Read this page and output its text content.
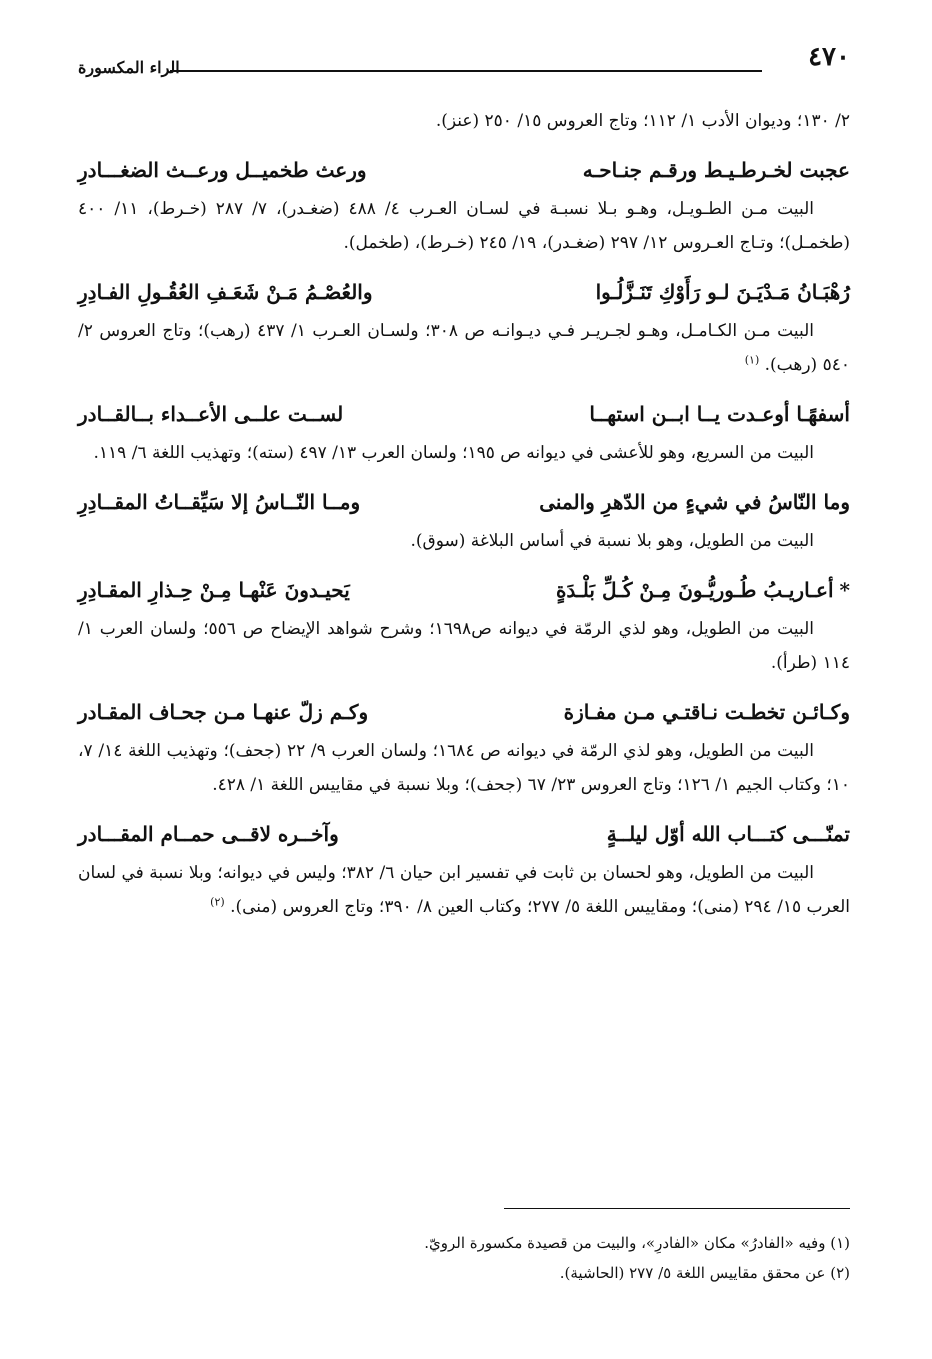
٤٧٠
الراء المكسورة

٢/ ١٣٠؛ وديوان الأدب ١/ ١١٢؛ وتاج العروس ١٥/ ٢٥٠ (عنز).

عجبت لخـرطـيـط ورقـم جنـاحـه
ورعث طخميــل ورعــث الضغـــادرِ

البيت مـن الطـويـل، وهـو بـلا نسبـة في لسـان العـرب ٤/ ٤٨٨ (ضغـدر)، ٧/ ٢٨٧ (خـرط)، ١١/ ٤٠٠ (طخمـل)؛ وتـاج العـروس ١٢/ ٢٩٧ (ضغـدر)، ١٩/ ٢٤٥ (خـرط)، (طخمل).

رُهْبَـانُ مَـدْيَـنَ لـو رَأَوْكِ تَنَـزَّلُـوا
والعُصْـمُ مَـنْ شَعَـفِ العُقُـولِ الفـادِرِ

البيت مـن الكـامـل، وهـو لجـريـر فـي ديـوانـه ص ٣٠٨؛ ولسـان العـرب ١/ ٤٣٧ (رهب)؛ وتاج العروس ٢/ ٥٤٠ (رهب). $^{(١)}$

أسفهًـا أوعـدت يــا ابــن استهــا
لســت علــى الأعــداء بــالقــادر

البيت من السريع، وهو للأعشى في ديوانه ص ١٩٥؛ ولسان العرب ١٣/ ٤٩٧ (سته)؛ وتهذيب اللغة ٦/ ١١٩.

وما النّاسُ في شيءٍ من الدّهرِ والمنى
ومــا النّــاسُ إلا سَيِّقــاتُ المقــادِرِ

البيت من الطويل، وهو بلا نسبة في أساس البلاغة (سوق).

*أعـاريـبُ طُـوريُّـونَ مِـنْ كُـلِّ بَلْـدَةٍ
يَحيـدونَ عَنْهـا مِـنْ حِـذارِ المقـادِرِ

البيت من الطويل، وهو لذي الرمّة في ديوانه ص١٦٩٨؛ وشرح شواهد الإيضاح ص ٥٥٦؛ ولسان العرب ١/ ١١٤ (طرأ).

وكـائـن تخطـت نـاقتـي مـن مفـازة
وكـم زلّ عنهـا مـن جحـاف المقـادر

البيت من الطويل، وهو لذي الرمّة في ديوانه ص ١٦٨٤؛ ولسان العرب ٩/ ٢٢ (جحف)؛ وتهذيب اللغة ١٤/ ٧، ١٠؛ وكتاب الجيم ١/ ١٢٦؛ وتاج العروس ٢٣/ ٦٧ (جحف)؛ وبلا نسبة في مقاييس اللغة ١/ ٤٢٨.

تمنّـــى كتـــاب الله أوّل ليلــةٍ
وآخــره لاقــى حمــام المقـــادر

البيت من الطويل، وهو لحسان بن ثابت في تفسير ابن حيان ٦/ ٣٨٢؛ وليس في ديوانه؛ وبلا نسبة في لسان العرب ١٥/ ٢٩٤ (منى)؛ ومقاييس اللغة ٥/ ٢٧٧؛ وكتاب العين ٨/ ٣٩٠؛ وتاج العروس (منى). $^{(٢)}$

(١) وفيه «الفادرُ» مكان «الفادرِ»، والبيت من قصيدة مكسورة الرويّ.

(٢) عن محقق مقاييس اللغة ٥/ ٢٧٧ (الحاشية).
